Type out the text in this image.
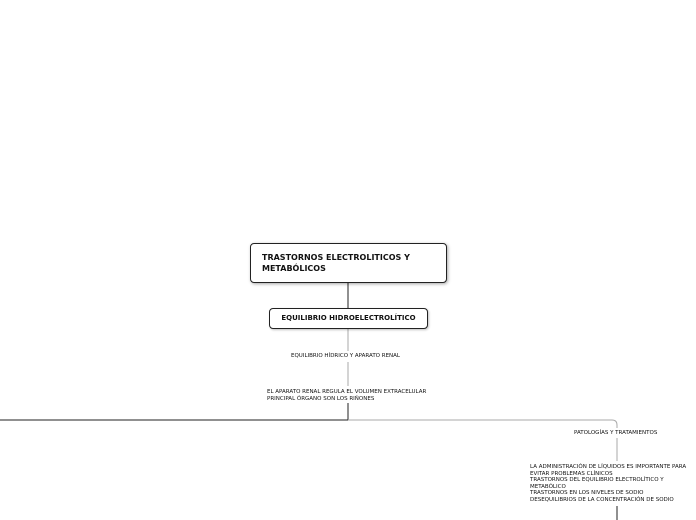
TRASTORNOS ELECTROLITICOS Y METABÓLICOS
EQUILIBRIO HIDROELECTROLÍTICO
EQUILIBRIO HÍDRICO Y APARATO RENAL
EL APARATO RENAL REGULA EL VOLUMEN EXTRACELULAR
PRINCIPAL ÓRGANO SON LOS RIÑONES
PATOLOGÍAS Y TRATAMIENTOS
LA ADMINISTRACIÓN DE LÍQUIDOS ES IMPORTANTE PARA
EVITAR PROBLEMAS CLÍNICOS
TRASTORNOS DEL EQUILIBRIO ELECTROLÍTICO Y
METABÓLICO
TRASTORNOS EN LOS NIVELES DE SODIO
DESEQUILIBRIOS DE LA CONCENTRACIÓN DE SODIO
